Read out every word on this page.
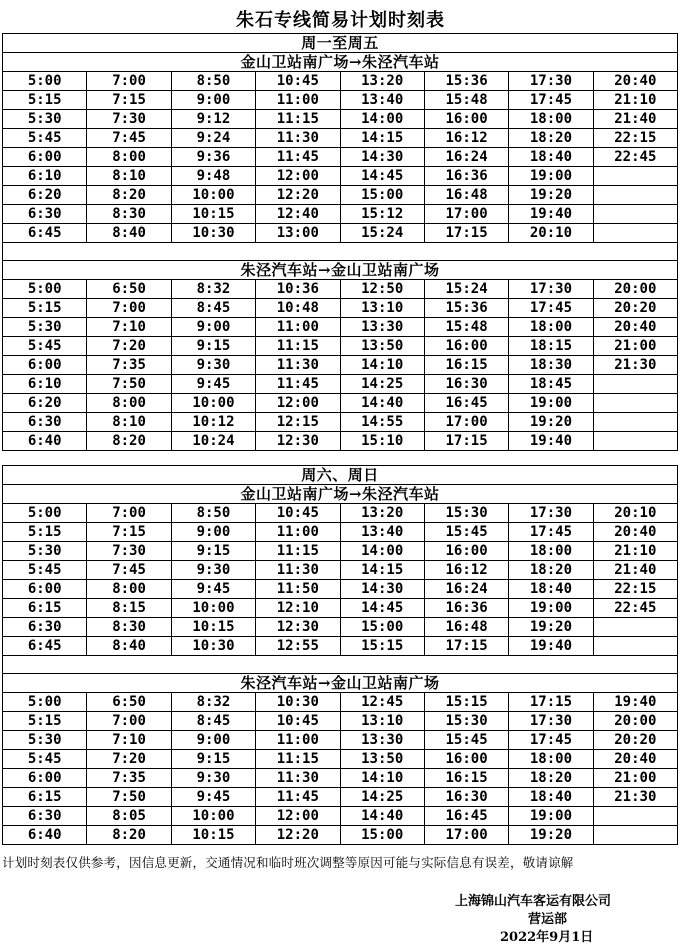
朱石专线简易计划时刻表
周一至周五							
金山卫站南广场→朱泾汽车站							
5:00	7:00	8:50	10:45	13:20	15:36	17:30	20:40
5:15	7:15	9:00	11:00	13:40	15:48	17:45	21:10
5:30	7:30	9:12	11:15	14:00	16:00	18:00	21:40
5:45	7:45	9:24	11:30	14:15	16:12	18:20	22:15
6:00	8:00	9:36	11:45	14:30	16:24	18:40	22:45
6:10	8:10	9:48	12:00	14:45	16:36	19:00	
6:20	8:20	10:00	12:20	15:00	16:48	19:20	
6:30	8:30	10:15	12:40	15:12	17:00	19:40	
6:45	8:40	10:30	13:00	15:24	17:15	20:10	

朱泾汽车站→金山卫站南广场							
5:00	6:50	8:32	10:36	12:50	15:24	17:30	20:00
5:15	7:00	8:45	10:48	13:10	15:36	17:45	20:20
5:30	7:10	9:00	11:00	13:30	15:48	18:00	20:40
5:45	7:20	9:15	11:15	13:50	16:00	18:15	21:00
6:00	7:35	9:30	11:30	14:10	16:15	18:30	21:30
6:10	7:50	9:45	11:45	14:25	16:30	18:45	
6:20	8:00	10:00	12:00	14:40	16:45	19:00	
6:30	8:10	10:12	12:15	14:55	17:00	19:20	
6:40	8:20	10:24	12:30	15:10	17:15	19:40	
周六、周日							
金山卫站南广场→朱泾汽车站							
5:00	7:00	8:50	10:45	13:20	15:30	17:30	20:10
5:15	7:15	9:00	11:00	13:40	15:45	17:45	20:40
5:30	7:30	9:15	11:15	14:00	16:00	18:00	21:10
5:45	7:45	9:30	11:30	14:15	16:12	18:20	21:40
6:00	8:00	9:45	11:50	14:30	16:24	18:40	22:15
6:15	8:15	10:00	12:10	14:45	16:36	19:00	22:45
6:30	8:30	10:15	12:30	15:00	16:48	19:20	
6:45	8:40	10:30	12:55	15:15	17:15	19:40	

朱泾汽车站→金山卫站南广场							
5:00	6:50	8:32	10:30	12:45	15:15	17:15	19:40
5:15	7:00	8:45	10:45	13:10	15:30	17:30	20:00
5:30	7:10	9:00	11:00	13:30	15:45	17:45	20:20
5:45	7:20	9:15	11:15	13:50	16:00	18:00	20:40
6:00	7:35	9:30	11:30	14:10	16:15	18:20	21:00
6:15	7:50	9:45	11:45	14:25	16:30	18:40	21:30
6:30	8:05	10:00	12:00	14:40	16:45	19:00	
6:40	8:20	10:15	12:20	15:00	17:00	19:20	
计划时刻表仅供参考，因信息更新，交通情况和临时班次调整等原因可能与实际信息有误差，敬请谅解
上海锦山汽车客运有限公司
营运部
2022年9月1日
